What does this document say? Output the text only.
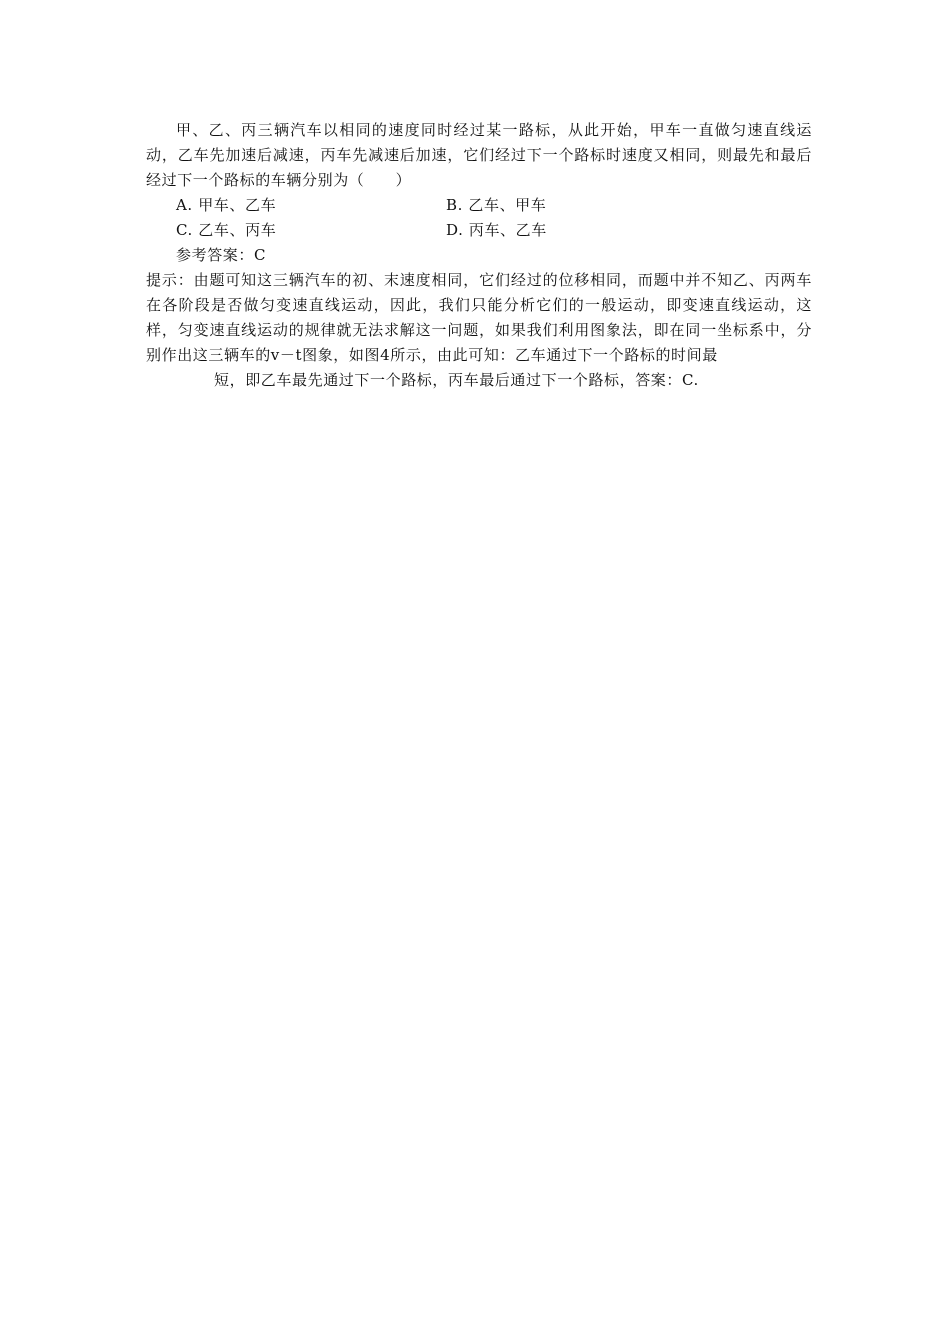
甲、乙、丙三辆汽车以相同的速度同时经过某一路标，从此开始，甲车一直做匀速直线运动，乙车先加速后减速，丙车先减速后加速，它们经过下一个路标时速度又相同，则最先和最后经过下一个路标的车辆分别为（　　）

A. 甲车、乙车	B. 乙车、甲车
C. 乙车、丙车	D. 丙车、乙车

参考答案：C

提示：由题可知这三辆汽车的初、末速度相同，它们经过的位移相同，而题中并不知乙、丙两车在各阶段是否做匀变速直线运动，因此，我们只能分析它们的一般运动，即变速直线运动，这样，匀变速直线运动的规律就无法求解这一问题，如果我们利用图象法，即在同一坐标系中，分别作出这三辆车的v－t图象，如图4所示，由此可知：乙车通过下一个路标的时间最

短，即乙车最先通过下一个路标，丙车最后通过下一个路标，答案：C.
